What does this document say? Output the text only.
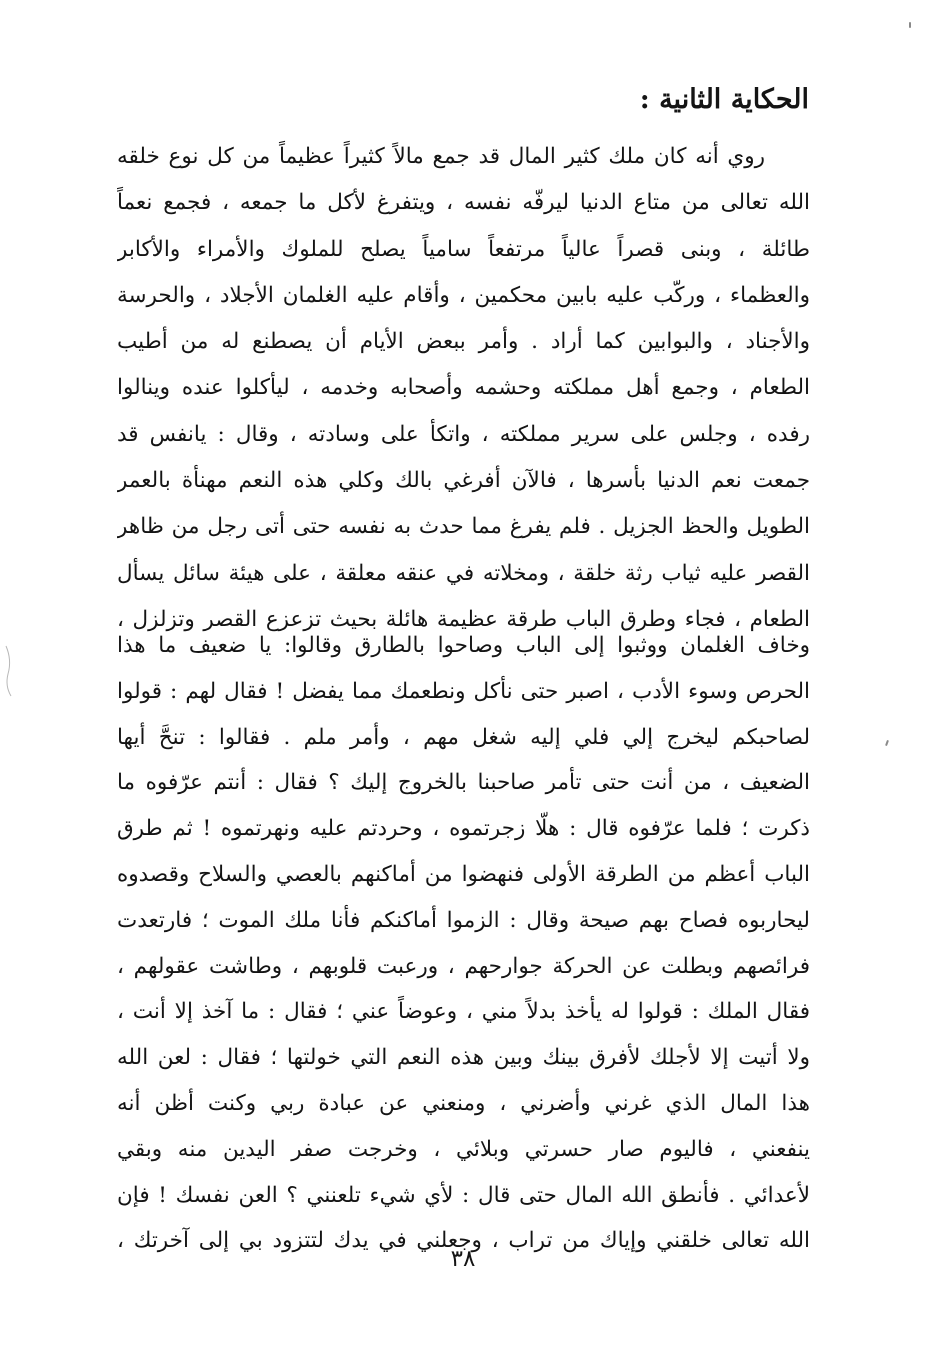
الحكاية الثانية :
روي أنه كان ملك كثير المال قد جمع مالاً كثيراً عظيماً من كل نوع خلقه
الله تعالى من متاع الدنيا ليرفّه نفسه ، ويتفرغ لأكل ما جمعه ، فجمع نعماً
طائلة ، وبنى قصراً عالياً مرتفعاً سامياً يصلح للملوك والأمراء والأكابر
والعظماء ، وركّب عليه بابين محكمين ، وأقام عليه الغلمان الأجلاد ، والحرسة
والأجناد ، والبوابين كما أراد . وأمر ببعض الأيام أن يصطنع له من أطيب
الطعام ، وجمع أهل مملكته وحشمه وأصحابه وخدمه ، ليأكلوا عنده وينالوا
رفده ، وجلس على سرير مملكته ، واتكأ على وسادته ، وقال : يانفس قد
جمعت نعم الدنيا بأسرها ، فالآن أفرغي بالك وكلي هذه النعم مهنأة بالعمر
الطويل والحظ الجزيل . فلم يفرغ مما حدث به نفسه حتى أتى رجل من ظاهر
القصر عليه ثياب رثة خلقة ، ومخلاته في عنقه معلقة ، على هيئة سائل يسأل
الطعام ، فجاء وطرق الباب طرقة عظيمة هائلة بحيث تزعزع القصر وتزلزل ،
وخاف الغلمان ووثبوا إلى الباب وصاحوا بالطارق وقالوا: يا ضعيف ما هذا
الحرص وسوء الأدب ، اصبر حتى نأكل ونطعمك مما يفضل ! فقال لهم : قولوا
لصاحبكم ليخرج إلي فلي إليه شغل مهم ، وأمر ملم . فقالوا : تنحَّ أيها
الضعيف ، من أنت حتى تأمر صاحبنا بالخروج إليك ؟ فقال : أنتم عرّفوه ما
ذكرت ؛ فلما عرّفوه قال : هلّا زجرتموه ، وحردتم عليه ونهرتموه ! ثم طرق
الباب أعظم من الطرقة الأولى فنهضوا من أماكنهم بالعصي والسلاح وقصدوه
ليحاربوه فصاح بهم صيحة وقال : الزموا أماكنكم فأنا ملك الموت ؛ فارتعدت
فرائصهم وبطلت عن الحركة جوارحهم ، ورعبت قلوبهم ، وطاشت عقولهم ،
فقال الملك : قولوا له يأخذ بدلاً مني ، وعوضاً عني ؛ فقال : ما آخذ إلا أنت ،
ولا أتيت إلا لأجلك لأفرق بينك وبين هذه النعم التي خولتها ؛ فقال : لعن الله
هذا المال الذي غرني وأضرني ، ومنعني عن عبادة ربي وكنت أظن أنه
ينفعني ، فاليوم صار حسرتي وبلائي ، وخرجت صفر اليدين منه وبقي
لأعدائي . فأنطق الله المال حتى قال : لأي شيء تلعنني ؟ العن نفسك ! فإن
الله تعالى خلقني وإياك من تراب ، وجعلني في يدك لتتزود بي إلى آخرتك ،
٣٨
